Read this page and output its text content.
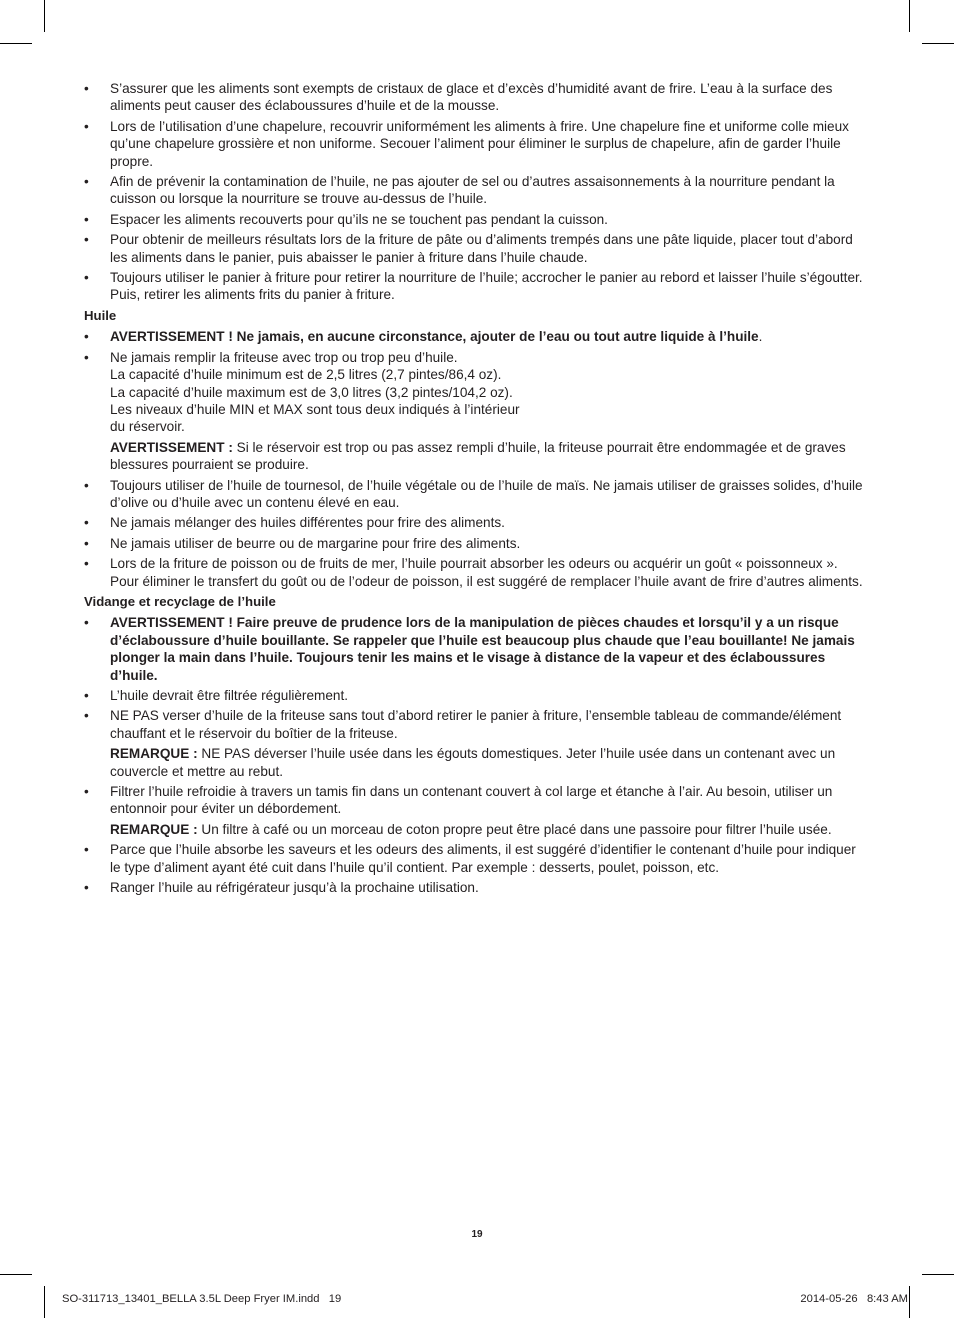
•	S’assurer que les aliments sont exempts de cristaux de glace et d’excès d’humidité avant de frire. L’eau à la surface des aliments peut causer des éclaboussures d’huile et de la mousse.
•	Lors de l’utilisation d’une chapelure, recouvrir uniformément les aliments à frire. Une chapelure fine et uniforme colle mieux qu’une chapelure grossière et non uniforme. Secouer l’aliment pour éliminer le surplus de chapelure, afin de garder l’huile propre.
•	Afin de prévenir la contamination de l’huile, ne pas ajouter de sel ou d’autres assaisonnements à la nourriture pendant la cuisson ou lorsque la nourriture se trouve au-dessus de l’huile.
•	Espacer les aliments recouverts pour qu’ils ne se touchent pas pendant la cuisson.
•	Pour obtenir de meilleurs résultats lors de la friture de pâte ou d’aliments trempés dans une pâte liquide, placer tout d’abord les aliments dans le panier, puis abaisser le panier à friture dans l’huile chaude.
•	Toujours utiliser le panier à friture pour retirer la nourriture de l’huile; accrocher le panier au rebord et laisser l’huile s’égoutter. Puis, retirer les aliments frits du panier à friture.
Huile
•	AVERTISSEMENT ! Ne jamais, en aucune circonstance, ajouter de l’eau ou tout autre liquide à l’huile.
•	Ne jamais remplir la friteuse avec trop ou trop peu d’huile.
La capacité d’huile minimum est de 2,5 litres (2,7 pintes/86,4 oz).
La capacité d’huile maximum est de 3,0 litres (3,2 pintes/104,2 oz).
Les niveaux d’huile MIN et MAX sont tous deux indiqués à l’intérieur
du réservoir.
AVERTISSEMENT : Si le réservoir est trop ou pas assez rempli d’huile, la friteuse pourrait être endommagée et de graves blessures pourraient se produire.
•	Toujours utiliser de l’huile de tournesol, de l’huile végétale ou de l’huile de maïs. Ne jamais utiliser de graisses solides, d’huile d’olive ou d’huile avec un contenu élevé en eau.
•	Ne jamais mélanger des huiles différentes pour frire des aliments.
•	Ne jamais utiliser de beurre ou de margarine pour frire des aliments.
•	Lors de la friture de poisson ou de fruits de mer, l’huile pourrait absorber les odeurs ou acquérir un goût « poissonneux ». Pour éliminer le transfert du goût ou de l’odeur de poisson, il est suggéré de remplacer l’huile avant de frire d’autres aliments.
Vidange et recyclage de l’huile
•	AVERTISSEMENT ! Faire preuve de prudence lors de la manipulation de pièces chaudes et lorsqu’il y a un risque d’éclaboussure d’huile bouillante. Se rappeler que l’huile est beaucoup plus chaude que l’eau bouillante! Ne jamais plonger la main dans l’huile. Toujours tenir les mains et le visage à distance de la vapeur et des éclaboussures d’huile.
•	L’huile devrait être filtrée régulièrement.
•	NE PAS verser d’huile de la friteuse sans tout d’abord retirer le panier à friture, l’ensemble tableau de commande/élément chauffant et le réservoir du boîtier de la friteuse.
REMARQUE : NE PAS déverser l’huile usée dans les égouts domestiques. Jeter l’huile usée dans un contenant avec un couvercle et mettre au rebut.
•	Filtrer l’huile refroidie à travers un tamis fin dans un contenant couvert à col large et étanche à l’air. Au besoin, utiliser un entonnoir pour éviter un débordement.
REMARQUE : Un filtre à café ou un morceau de coton propre peut être placé dans une passoire pour filtrer l’huile usée.
•	Parce que l’huile absorbe les saveurs et les odeurs des aliments, il est suggéré d’identifier le contenant d’huile pour indiquer le type d’aliment ayant été cuit dans l’huile qu’il contient. Par exemple : desserts, poulet, poisson, etc.
•	Ranger l’huile au réfrigérateur jusqu’à la prochaine utilisation.
19
SO-311713_13401_BELLA 3.5L Deep Fryer IM.indd   19	2014-05-26   8:43 AM
